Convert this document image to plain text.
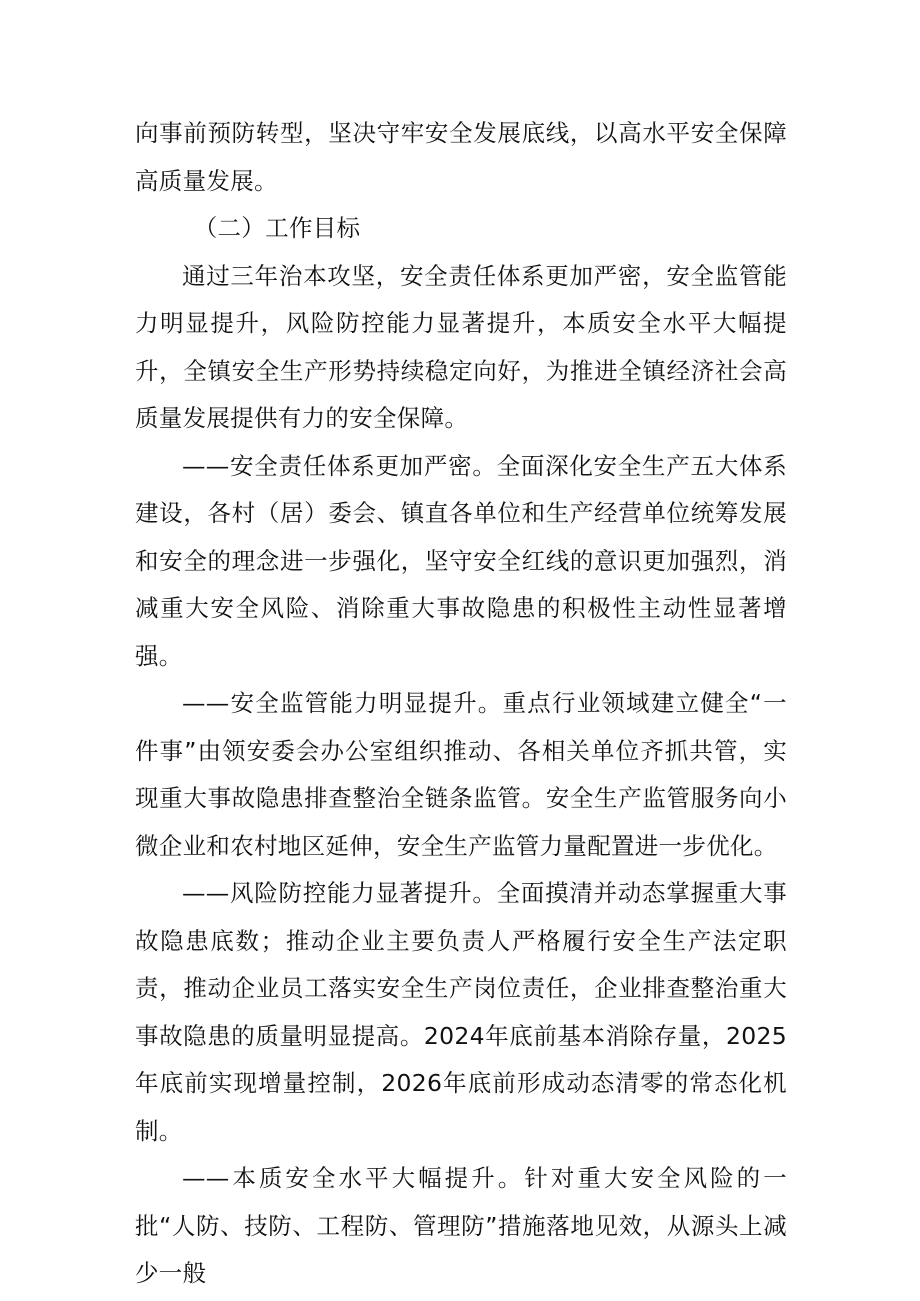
向事前预防转型，坚决守牢安全发展底线，以高水平安全保障高质量发展。

（二）工作目标

通过三年治本攻坚，安全责任体系更加严密，安全监管能力明显提升，风险防控能力显著提升，本质安全水平大幅提升，全镇安全生产形势持续稳定向好，为推进全镇经济社会高质量发展提供有力的安全保障。

——安全责任体系更加严密。全面深化安全生产五大体系建设，各村（居）委会、镇直各单位和生产经营单位统筹发展和安全的理念进一步强化，坚守安全红线的意识更加强烈，消减重大安全风险、消除重大事故隐患的积极性主动性显著增强。

——安全监管能力明显提升。重点行业领域建立健全“一件事”由领安委会办公室组织推动、各相关单位齐抓共管，实现重大事故隐患排查整治全链条监管。安全生产监管服务向小微企业和农村地区延伸，安全生产监管力量配置进一步优化。

——风险防控能力显著提升。全面摸清并动态掌握重大事故隐患底数；推动企业主要负责人严格履行安全生产法定职责，推动企业员工落实安全生产岗位责任，企业排查整治重大事故隐患的质量明显提高。2024年底前基本消除存量，2025年底前实现增量控制，2026年底前形成动态清零的常态化机制。

——本质安全水平大幅提升。针对重大安全风险的一批“人防、技防、工程防、管理防”措施落地见效，从源头上减少一般
